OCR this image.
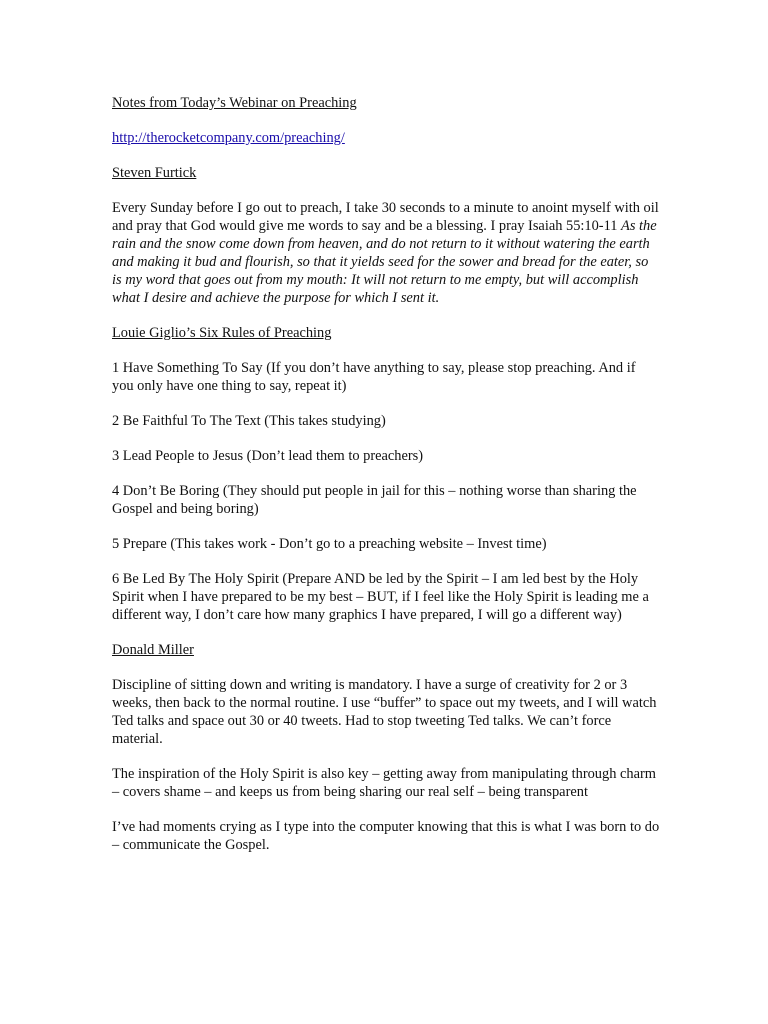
Notes from Today’s Webinar on Preaching

http://therocketcompany.com/preaching/

Steven Furtick

Every Sunday before I go out to preach, I take 30 seconds to a minute to anoint myself with oil and pray that God would give me words to say and be a blessing. I pray Isaiah 55:10-11 As the rain and the snow come down from heaven, and do not return to it without watering the earth and making it bud and flourish, so that it yields seed for the sower and bread for the eater, so is my word that goes out from my mouth: It will not return to me empty, but will accomplish what I desire and achieve the purpose for which I sent it.

Louie Giglio’s Six Rules of Preaching

1 Have Something To Say (If you don’t have anything to say, please stop preaching. And if you only have one thing to say, repeat it)

2 Be Faithful To The Text (This takes studying)

3 Lead People to Jesus (Don’t lead them to preachers)

4 Don’t Be Boring (They should put people in jail for this – nothing worse than sharing the Gospel and being boring)

5 Prepare (This takes work - Don’t go to a preaching website – Invest time)

6 Be Led By The Holy Spirit (Prepare AND be led by the Spirit – I am led best by the Holy Spirit when I have prepared to be my best – BUT, if I feel like the Holy Spirit is leading me a different way, I don’t care how many graphics I have prepared, I will go a different way)

Donald Miller

Discipline of sitting down and writing is mandatory. I have a surge of creativity for 2 or 3 weeks, then back to the normal routine. I use “buffer” to space out my tweets, and I will watch Ted talks and space out 30 or 40 tweets. Had to stop tweeting Ted talks. We can’t force material.

The inspiration of the Holy Spirit is also key – getting away from manipulating through charm – covers shame – and keeps us from being sharing our real self – being transparent

I’ve had moments crying as I type into the computer knowing that this is what I was born to do – communicate the Gospel.
